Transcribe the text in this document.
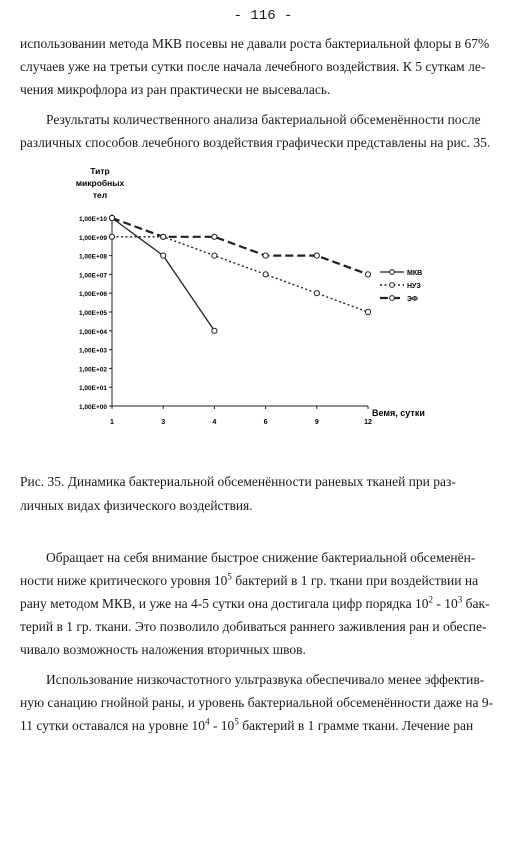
- 116 -
использовании метода МКВ посевы не давали роста бактериальной флоры в 67%
случаев уже на третьи сутки после начала лечебного воздействия. К 5 суткам ле-
чения микрофлора из ран практически не высевалась.
Результаты количественного анализа бактериальной обсеменённости после
различных способов лечебного воздействия графически представлены на рис. 35.
Титр
микробных
тел
1,00E+00
1,00E+01
1,00E+02
1,00E+03
1,00E+04
1,00E+05
1,00E+06
1,00E+07
1,00E+08
1,00E+09
1,00E+10
1	3	4	6	9	12
МКВ
НУЗ
ЭФ
Вемя, сутки
Рис. 35. Динамика бактериальной обсеменённости раневых тканей при раз-
личных видах физического воздействия.
Обращает на себя внимание быстрое снижение бактериальной обсеменён-
ности ниже критического уровня $10^5$ бактерий в 1 гр. ткани при воздействии на
рану методом МКВ, и уже на 4-5 сутки она достигала цифр порядка $10^2 - 10^3$ бак-
терий в 1 гр. ткани. Это позволило добиваться раннего заживления ран и обеспе-
чивало возможность наложения вторичных швов.
Использование низкочастотного ультразвука обеспечивало менее эффектив-
ную санацию гнойной раны, и уровень бактериальной обсеменённости даже на 9-
11 сутки оставался на уровне $10^4 - 10^5$ бактерий в 1 грамме ткани. Лечение ран
